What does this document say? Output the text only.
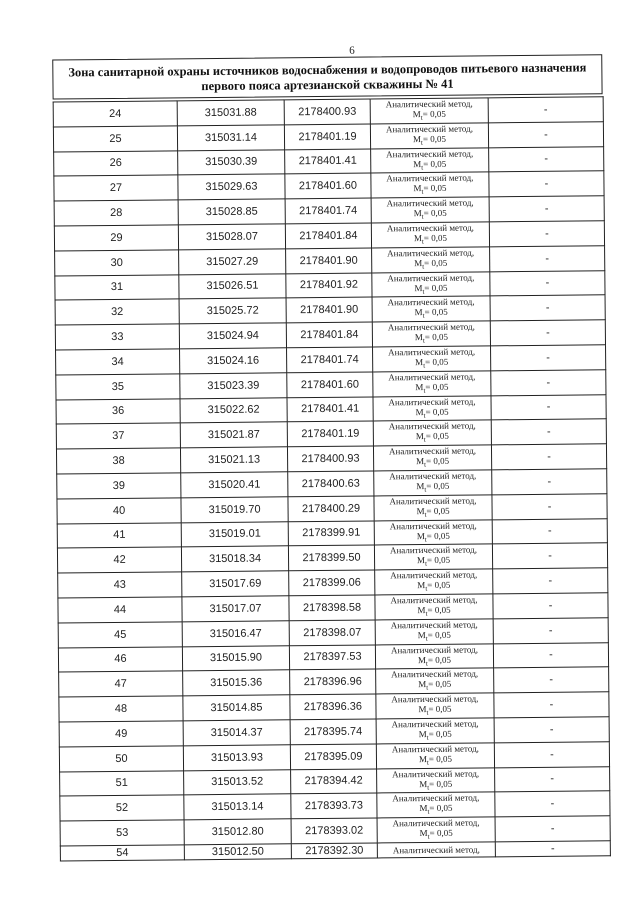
6
Зона санитарной охраны источников водоснабжения и водопроводов питьевого назначения
первого пояса артезианской скважины № 41
24	315031.88	2178400.93	Аналитический метод,
$M_t= 0,05$	-
25	315031.14	2178401.19	Аналитический метод,
$M_t= 0,05$	-
26	315030.39	2178401.41	Аналитический метод,
$M_t= 0,05$	-
27	315029.63	2178401.60	Аналитический метод,
$M_t= 0,05$	-
28	315028.85	2178401.74	Аналитический метод,
$M_t= 0,05$	-
29	315028.07	2178401.84	Аналитический метод,
$M_t= 0,05$	-
30	315027.29	2178401.90	Аналитический метод,
$M_t= 0,05$	-
31	315026.51	2178401.92	Аналитический метод,
$M_t= 0,05$	-
32	315025.72	2178401.90	Аналитический метод,
$M_t= 0,05$	-
33	315024.94	2178401.84	Аналитический метод,
$M_t= 0,05$	-
34	315024.16	2178401.74	Аналитический метод,
$M_t= 0,05$	-
35	315023.39	2178401.60	Аналитический метод,
$M_t= 0,05$	-
36	315022.62	2178401.41	Аналитический метод,
$M_t= 0,05$	-
37	315021.87	2178401.19	Аналитический метод,
$M_t= 0,05$	-
38	315021.13	2178400.93	Аналитический метод,
$M_t= 0,05$	-
39	315020.41	2178400.63	Аналитический метод,
$M_t= 0,05$	-
40	315019.70	2178400.29	Аналитический метод,
$M_t= 0,05$	-
41	315019.01	2178399.91	Аналитический метод,
$M_t= 0,05$	-
42	315018.34	2178399.50	Аналитический метод,
$M_t= 0,05$	-
43	315017.69	2178399.06	Аналитический метод,
$M_t= 0,05$	-
44	315017.07	2178398.58	Аналитический метод,
$M_t= 0,05$	-
45	315016.47	2178398.07	Аналитический метод,
$M_t= 0,05$	-
46	315015.90	2178397.53	Аналитический метод,
$M_t= 0,05$	-
47	315015.36	2178396.96	Аналитический метод,
$M_t= 0,05$	-
48	315014.85	2178396.36	Аналитический метод,
$M_t= 0,05$	-
49	315014.37	2178395.74	Аналитический метод,
$M_t= 0,05$	-
50	315013.93	2178395.09	Аналитический метод,
$M_t= 0,05$	-
51	315013.52	2178394.42	Аналитический метод,
$M_t= 0,05$	-
52	315013.14	2178393.73	Аналитический метод,
$M_t= 0,05$	-
53	315012.80	2178393.02	Аналитический метод,
$M_t= 0,05$	-
54	315012.50	2178392.30	Аналитический метод,	-
